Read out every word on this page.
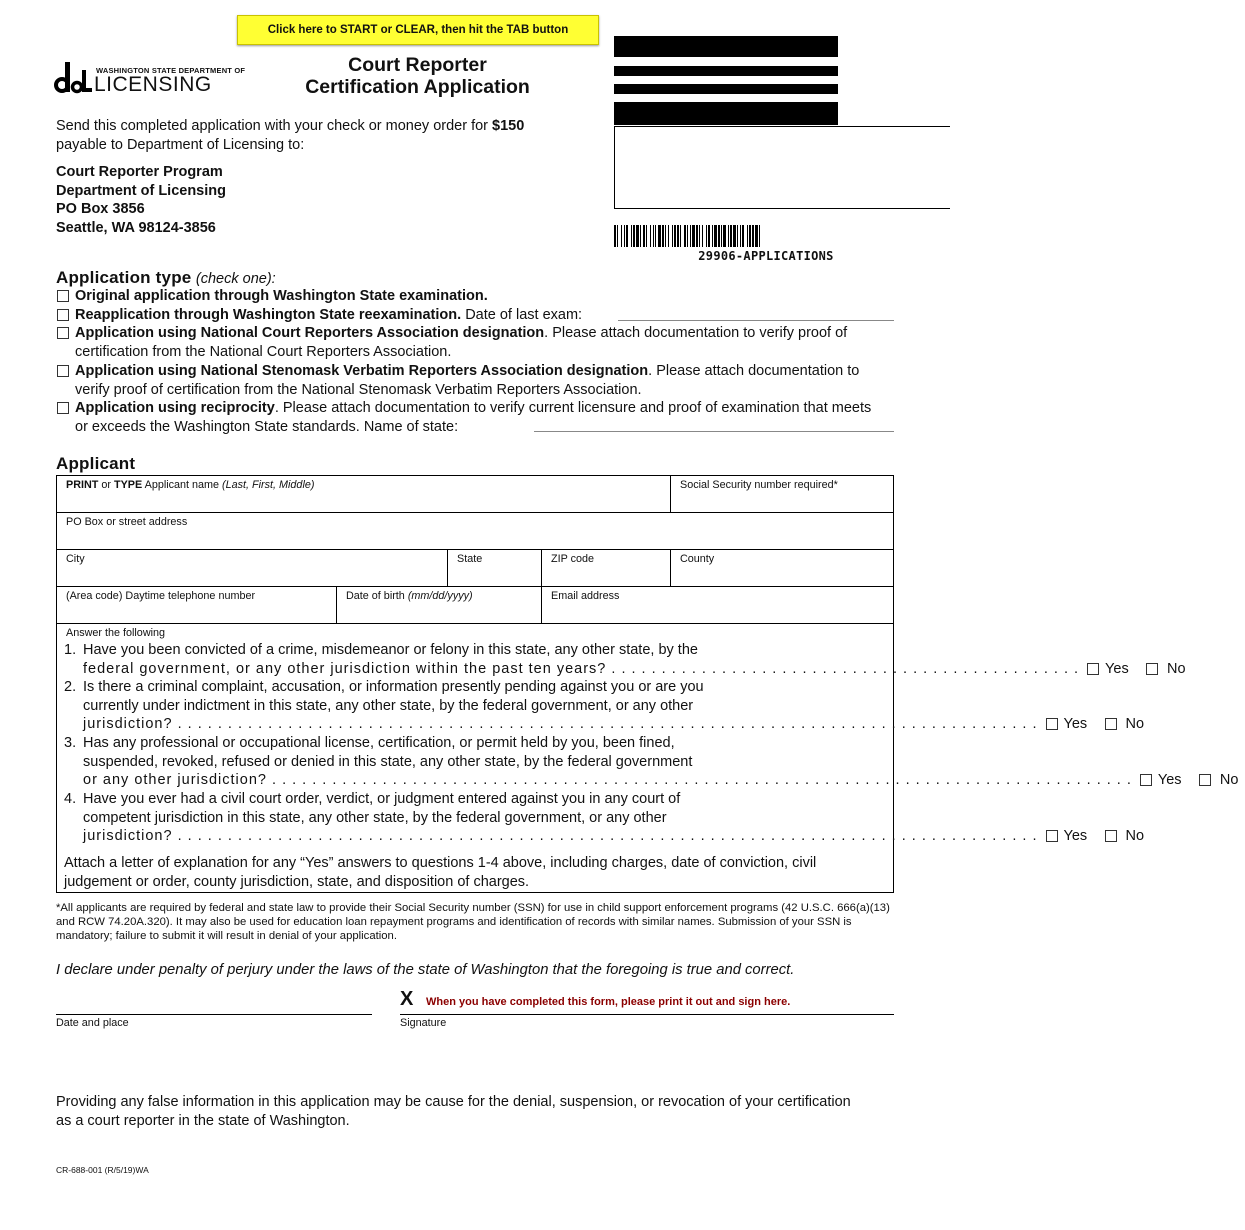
Click here to START or CLEAR, then hit the TAB button
WASHINGTON STATE DEPARTMENT OF
LICENSING
Court Reporter
Certification Application
29906-APPLICATIONS
Send this completed application with your check or money order for $150
payable to Department of Licensing to:
Court Reporter Program
Department of Licensing
PO Box 3856
Seattle, WA 98124-3856
Application type (check one):
Original application through Washington State examination.
Reapplication through Washington State reexamination. Date of last exam:
Application using National Court Reporters Association designation. Please attach documentation to verify proof of certification from the National Court Reporters Association.
Application using National Stenomask Verbatim Reporters Association designation. Please attach documentation to verify proof of certification from the National Stenomask Verbatim Reporters Association.
Application using reciprocity. Please attach documentation to verify current licensure and proof of examination that meets or exceeds the Washington State standards. Name of state:
Applicant
PRINT or TYPE Applicant name (Last, First, Middle)	Social Security number required*
PO Box or street address
City	State	ZIP code	County
(Area code) Daytime telephone number	Date of birth (mm/dd/yyyy)	Email address
Answer the following
1. Have you been convicted of a crime, misdemeanor or felony in this state, any other state, by the
federal government, or any other jurisdiction within the past ten years? . . . . . . . . . . . . . . . . . . . . . . . . . . . . . . . . . . . . . . . . . . . . . . . Yes	No
2. Is there a criminal complaint, accusation, or information presently pending against you or are you
currently under indictment in this state, any other state, by the federal government, or any other
jurisdiction? . . . . . . . . . . . . . . . . . . . . . . . . . . . . . . . . . . . . . . . . . . . . . . . . . . . . . . . . . . . . . . . . . . . . . . . . . . . . . . . . . . . . . . Yes	No
3. Has any professional or occupational license, certification, or permit held by you, been fined,
suspended, revoked, refused or denied in this state, any other state, by the federal government
or any other jurisdiction? . . . . . . . . . . . . . . . . . . . . . . . . . . . . . . . . . . . . . . . . . . . . . . . . . . . . . . . . . . . . . . . . . . . . . . . . . . . . . . . . . . . . . . Yes	No
4. Have you ever had a civil court order, verdict, or judgment entered against you in any court of
competent jurisdiction in this state, any other state, by the federal government, or any other
jurisdiction? . . . . . . . . . . . . . . . . . . . . . . . . . . . . . . . . . . . . . . . . . . . . . . . . . . . . . . . . . . . . . . . . . . . . . . . . . . . . . . . . . . . . . . Yes	No
Attach a letter of explanation for any “Yes” answers to questions 1-4 above, including charges, date of conviction, civil judgement or order, county jurisdiction, state, and disposition of charges.
*All applicants are required by federal and state law to provide their Social Security number (SSN) for use in child support enforcement programs (42 U.S.C. 666(a)(13) and RCW 74.20A.320). It may also be used for education loan repayment programs and identification of records with similar names. Submission of your SSN is mandatory; failure to submit it will result in denial of your application.
I declare under penalty of perjury under the laws of the state of Washington that the foregoing is true and correct.
Date and place
X When you have completed this form, please print it out and sign here.
Signature
Providing any false information in this application may be cause for the denial, suspension, or revocation of your certification as a court reporter in the state of Washington.
CR-688-001 (R/5/19)WA
